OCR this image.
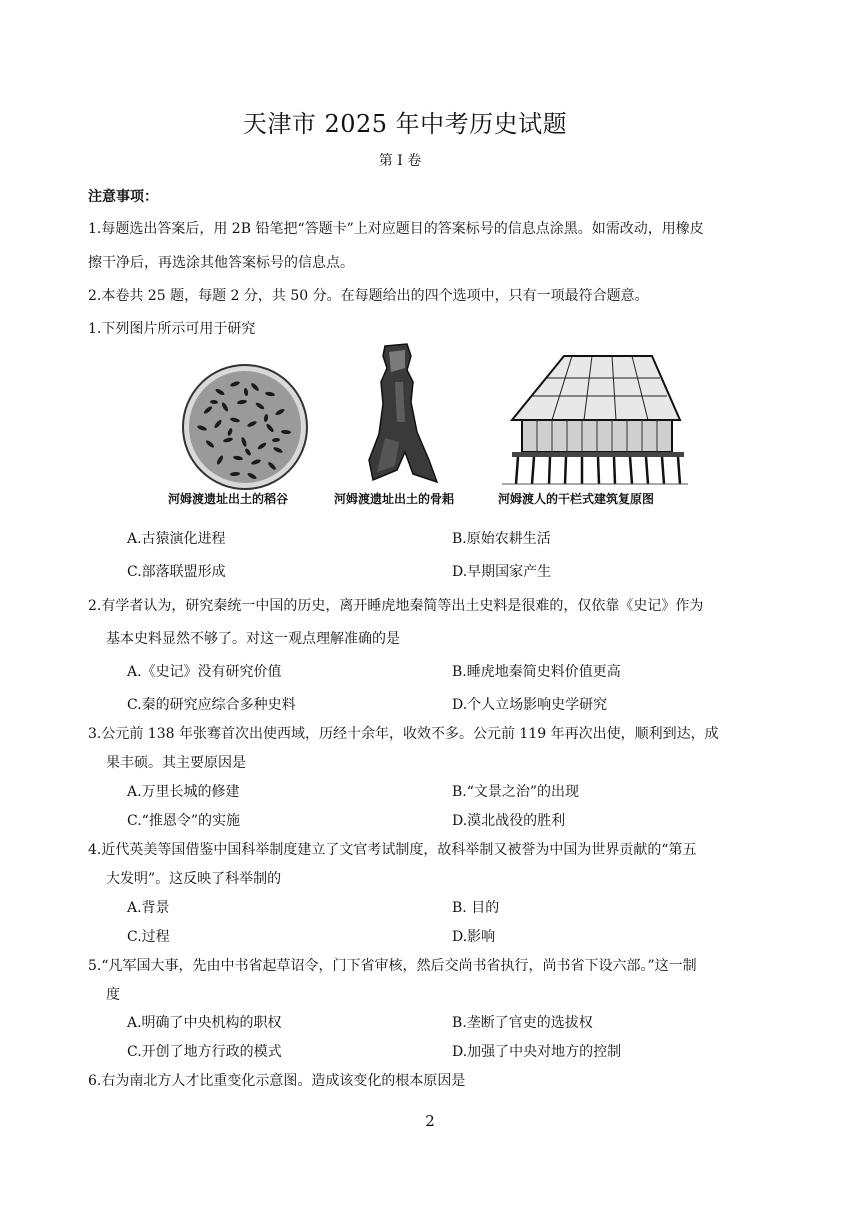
天津市 2025 年中考历史试题
第 I 卷
注意事项：
1.每题选出答案后，用 2B 铅笔把“答题卡”上对应题目的答案标号的信息点涂黑。如需改动，用橡皮
擦干净后，再选涂其他答案标号的信息点。
2.本卷共 25 题，每题 2 分，共 50 分。在每题给出的四个选项中，只有一项最符合题意。
1.下列图片所示可用于研究
河姆渡遗址出土的稻谷	河姆渡遗址出土的骨耜	河姆渡人的干栏式建筑复原图
A.古猿演化进程	B.原始农耕生活
C.部落联盟形成	D.早期国家产生
2.有学者认为，研究秦统一中国的历史，离开睡虎地秦简等出土史料是很难的，仅依靠《史记》作为
基本史料显然不够了。对这一观点理解准确的是
A.《史记》没有研究价值	B.睡虎地秦简史料价值更高
C.秦的研究应综合多种史料	D.个人立场影响史学研究
3.公元前 138 年张骞首次出使西域，历经十余年，收效不多。公元前 119 年再次出使，顺利到达，成
果丰硕。其主要原因是
A.万里长城的修建	B.“文景之治”的出现
C.“推恩令”的实施	D.漠北战役的胜利
4.近代英美等国借鉴中国科举制度建立了文官考试制度，故科举制又被誉为中国为世界贡献的“第五
大发明”。这反映了科举制的
A.背景	B. 目的
C.过程	D.影响
5.“凡军国大事，先由中书省起草诏令，门下省审核，然后交尚书省执行，尚书省下设六部。”这一制
度
A.明确了中央机构的职权	B.垄断了官吏的选拔权
C.开创了地方行政的模式	D.加强了中央对地方的控制
6.右为南北方人才比重变化示意图。造成该变化的根本原因是
2
